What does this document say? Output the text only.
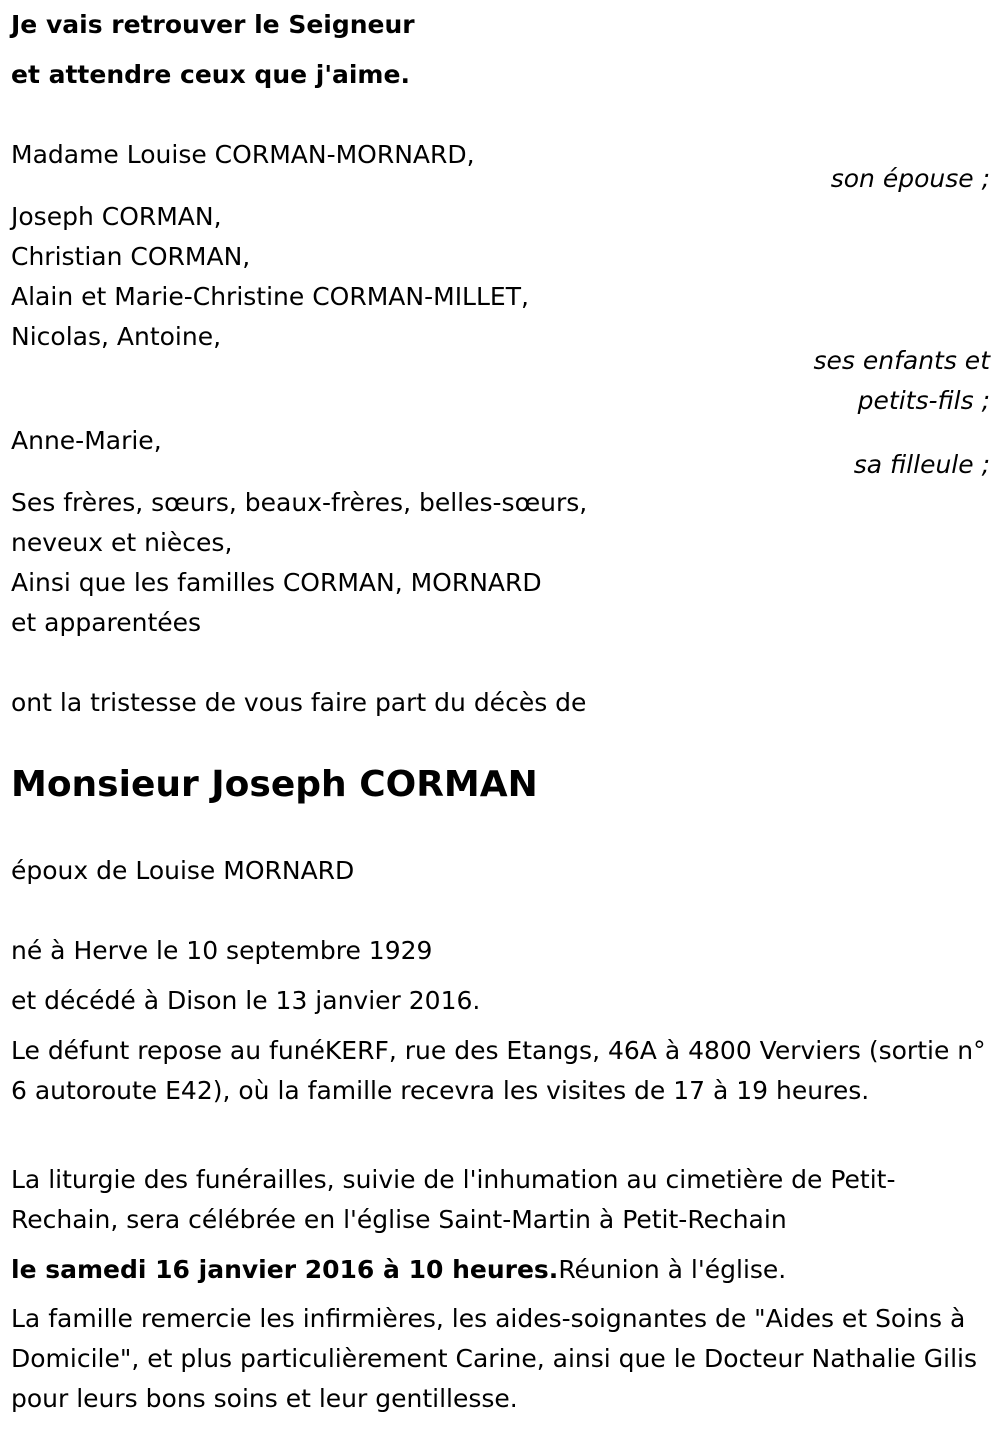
Je vais retrouver le Seigneur
et attendre ceux que j'aime.
Madame Louise CORMAN-MORNARD,
son épouse ;
Joseph CORMAN,
Christian CORMAN,
Alain et Marie-Christine CORMAN-MILLET,
Nicolas, Antoine,
ses enfants et
petits-fils ;
Anne-Marie,
sa filleule ;
Ses frères, sœurs, beaux-frères, belles-sœurs,
neveux et nièces,
Ainsi que les familles CORMAN, MORNARD
et apparentées
ont la tristesse de vous faire part du décès de
Monsieur Joseph CORMAN
époux de Louise MORNARD
né à Herve le 10 septembre 1929
et décédé à Dison le 13 janvier 2016.
Le défunt repose au funéKERF, rue des Etangs, 46A à 4800 Verviers (sortie n° 6 autoroute E42), où la famille recevra les visites de 17 à 19 heures.
La liturgie des funérailles, suivie de l'inhumation au cimetière de Petit-Rechain, sera célébrée en l'église Saint-Martin à Petit-Rechain
le samedi 16 janvier 2016 à 10 heures.Réunion à l'église.
La famille remercie les infirmières, les aides-soignantes de "Aides et Soins à Domicile", et plus particulièrement Carine, ainsi que le Docteur Nathalie Gilis pour leurs bons soins et leur gentillesse.
